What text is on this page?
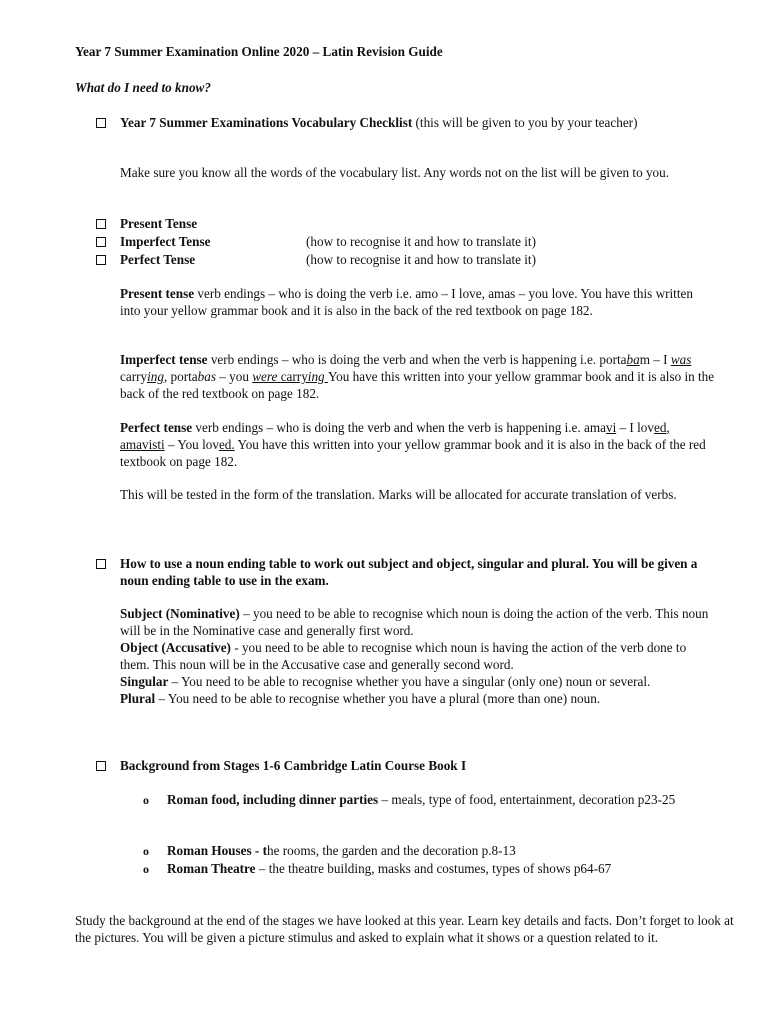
Year 7 Summer Examination Online 2020 – Latin Revision Guide
What do I need to know?
Year 7 Summer Examinations Vocabulary Checklist (this will be given to you by your teacher)
Make sure you know all the words of the vocabulary list. Any words not on the list will be given to you.
Present Tense
Imperfect Tense	(how to recognise it and how to translate it)
Perfect Tense	(how to recognise it and how to translate it)
Present tense verb endings – who is doing the verb i.e. amo – I love, amas – you love. You have this written into your yellow grammar book and it is also in the back of the red textbook on page 182.
Imperfect tense verb endings – who is doing the verb and when the verb is happening i.e. portabam – I was carrying, portabas – you were carrying You have this written into your yellow grammar book and it is also in the back of the red textbook on page 182.
Perfect tense verb endings – who is doing the verb and when the verb is happening i.e. amavi – I loved, amavisti – You loved. You have this written into your yellow grammar book and it is also in the back of the red textbook on page 182.
This will be tested in the form of the translation. Marks will be allocated for accurate translation of verbs.
How to use a noun ending table to work out subject and object, singular and plural. You will be given a noun ending table to use in the exam.

Subject (Nominative) – you need to be able to recognise which noun is doing the action of the verb. This noun will be in the Nominative case and generally first word.

Object (Accusative) - you need to be able to recognise which noun is having the action of the verb done to them. This noun will be in the Accusative case and generally second word.

Singular – You need to be able to recognise whether you have a singular (only one) noun or several.

Plural – You need to be able to recognise whether you have a plural (more than one) noun.

Background from Stages 1-6 Cambridge Latin Course Book I
o Roman food, including dinner parties – meals, type of food, entertainment, decoration p23-25
o Roman Houses - the rooms, the garden and the decoration p.8-13
o Roman Theatre – the theatre building, masks and costumes, types of shows p64-67
Study the background at the end of the stages we have looked at this year. Learn key details and facts. Don’t forget to look at the pictures. You will be given a picture stimulus and asked to explain what it shows or a question related to it.
